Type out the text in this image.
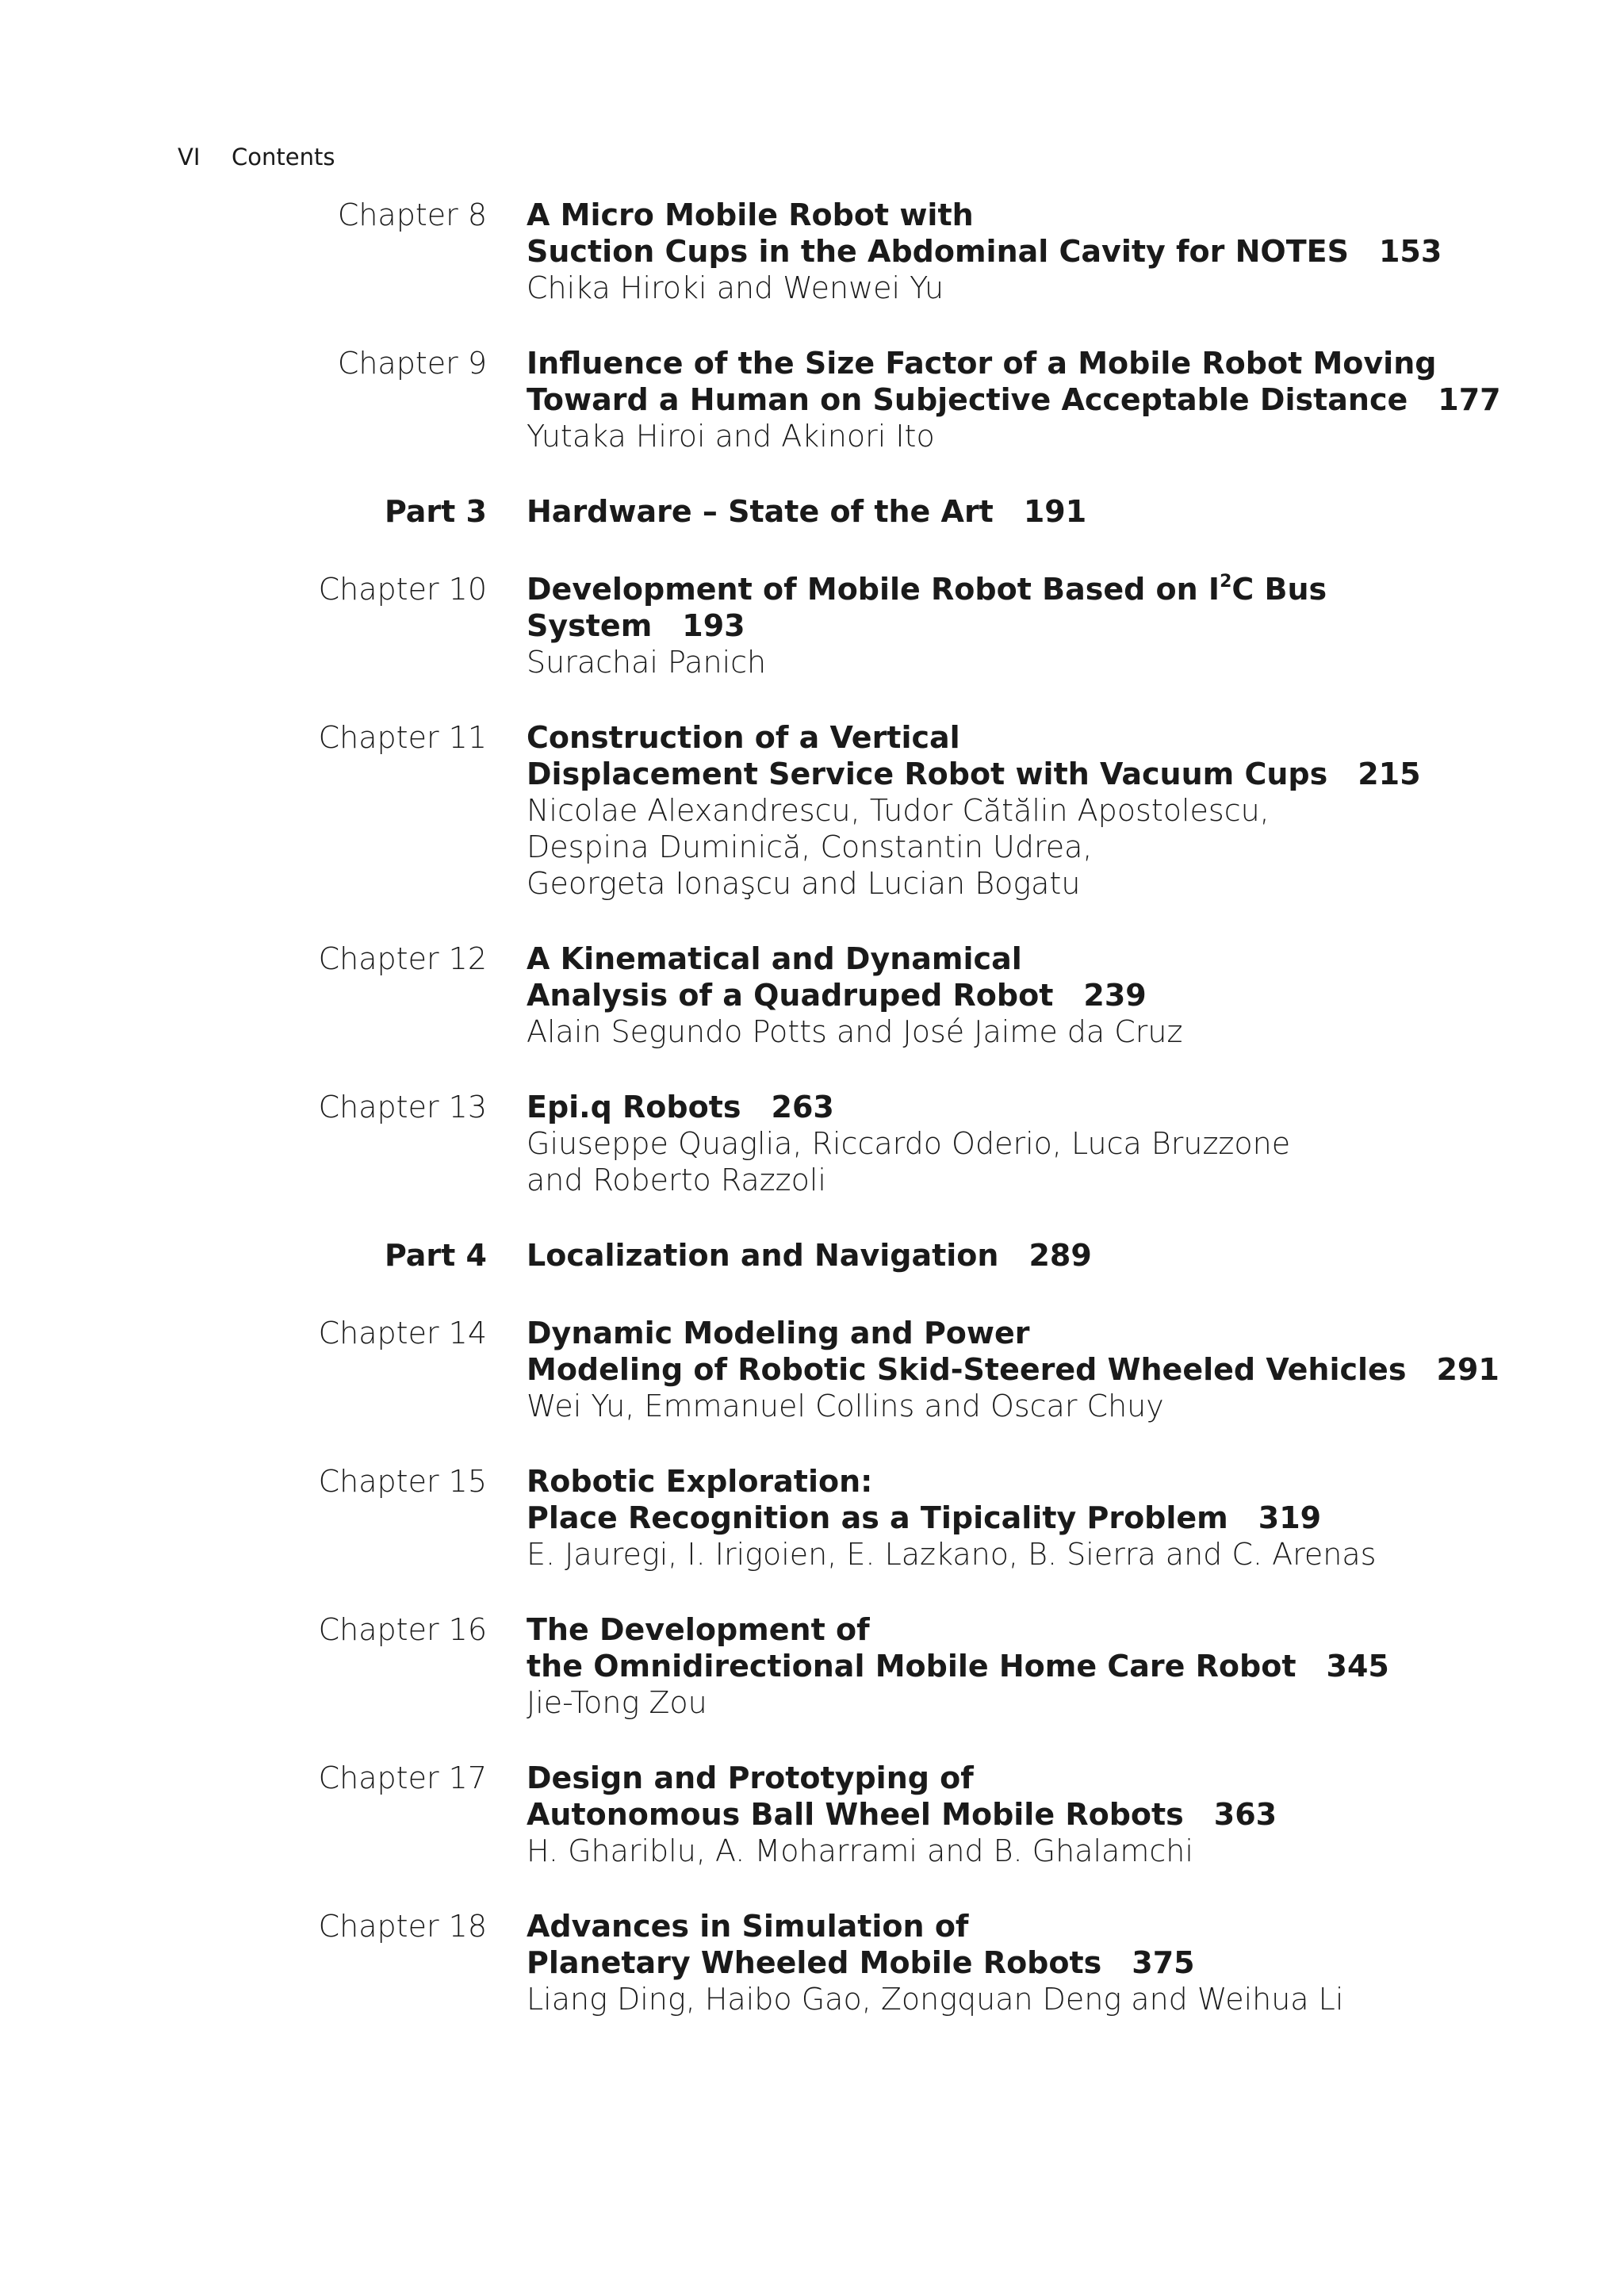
VI Contents
Chapter 8 A Micro Mobile Robot with
Suction Cups in the Abdominal Cavity for NOTES 153
Chika Hiroki and Wenwei Yu
Chapter 9 Influence of the Size Factor of a Mobile Robot Moving
Toward a Human on Subjective Acceptable Distance 177
Yutaka Hiroi and Akinori Ito
Part 3 Hardware – State of the Art 191
Chapter 10 Development of Mobile Robot Based on $I^2C$ Bus System 193
Surachai Panich
Chapter 11 Construction of a Vertical
Displacement Service Robot with Vacuum Cups 215
Nicolae Alexandrescu, Tudor Cătălin Apostolescu,
Despina Duminică, Constantin Udrea,
Georgeta Ionaşcu and Lucian Bogatu
Chapter 12 A Kinematical and Dynamical
Analysis of a Quadruped Robot 239
Alain Segundo Potts and José Jaime da Cruz
Chapter 13 Epi.q Robots 263
Giuseppe Quaglia, Riccardo Oderio, Luca Bruzzone
and Roberto Razzoli
Part 4 Localization and Navigation 289
Chapter 14 Dynamic Modeling and Power
Modeling of Robotic Skid-Steered Wheeled Vehicles 291
Wei Yu, Emmanuel Collins and Oscar Chuy
Chapter 15 Robotic Exploration:
Place Recognition as a Tipicality Problem 319
E. Jauregi, I. Irigoien, E. Lazkano, B. Sierra and C. Arenas
Chapter 16 The Development of
the Omnidirectional Mobile Home Care Robot 345
Jie-Tong Zou
Chapter 17 Design and Prototyping of
Autonomous Ball Wheel Mobile Robots 363
H. Ghariblu, A. Moharrami and B. Ghalamchi
Chapter 18 Advances in Simulation of
Planetary Wheeled Mobile Robots 375
Liang Ding, Haibo Gao, Zongquan Deng and Weihua Li
